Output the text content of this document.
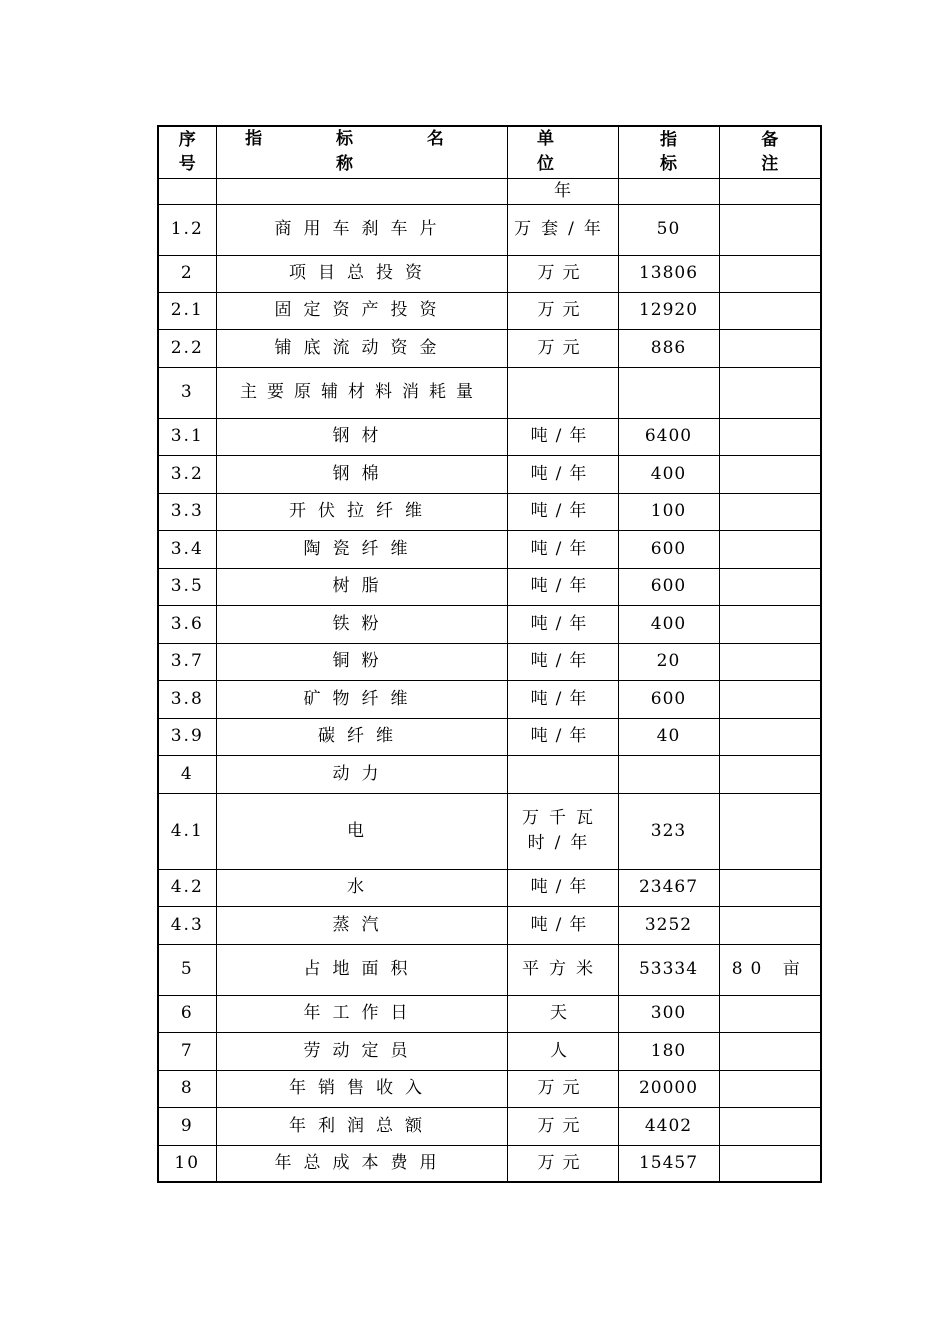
序号	指 标 名 称	单 位	指标	备注

		年		
1.2	商用车刹车片	万套/年	50	
2	项目总投资	万元	13806	
2.1	固定资产投资	万元	12920	
2.2	铺底流动资金	万元	886	
3	主要原辅材料消耗量			
3.1	钢材	吨/年	6400	
3.2	钢棉	吨/年	400	
3.3	开伏拉纤维	吨/年	100	
3.4	陶瓷纤维	吨/年	600	
3.5	树脂	吨/年	600	
3.6	铁粉	吨/年	400	
3.7	铜粉	吨/年	20	
3.8	矿物纤维	吨/年	600	
3.9	碳纤维	吨/年	40	
4	动力			
4.1	电	万千瓦时/年	323	
4.2	水	吨/年	23467	
4.3	蒸汽	吨/年	3252	
5	占地面积	平方米	53334	80 亩
6	年工作日	天	300	
7	劳动定员	人	180	
8	年销售收入	万元	20000	
9	年利润总额	万元	4402	
10	年总成本费用	万元	15457	
